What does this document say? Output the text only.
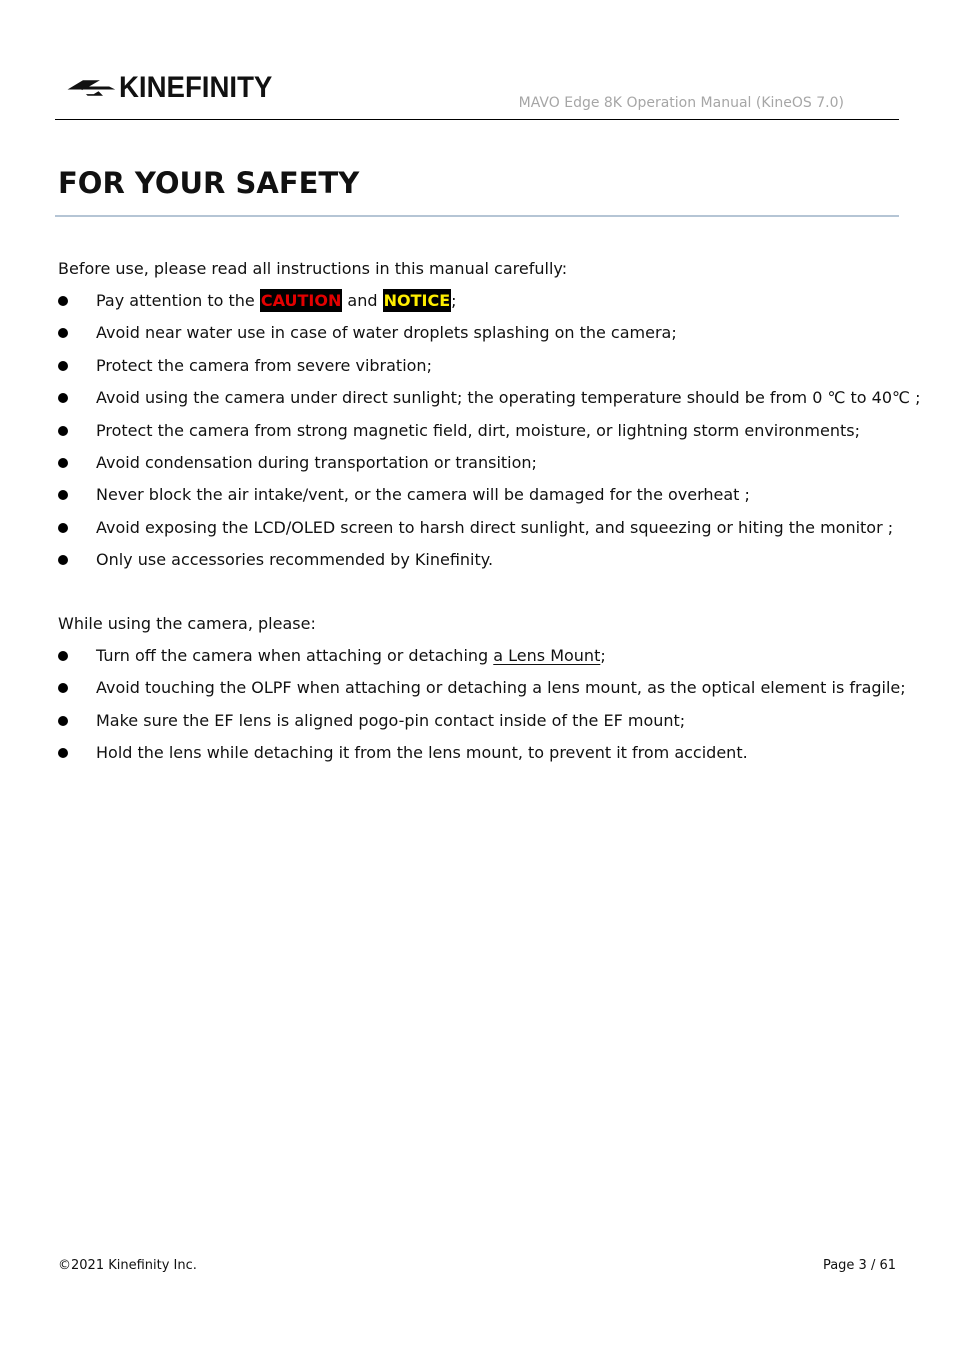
KINEFINITY	MAVO Edge 8K Operation Manual (KineOS 7.0)
FOR YOUR SAFETY

Before use, please read all instructions in this manual carefully:

Pay attention to the CAUTION and NOTICE;
Avoid near water use in case of water droplets splashing on the camera;
Protect the camera from severe vibration;
Avoid using the camera under direct sunlight; the operating temperature should be from 0 ℃ to 40℃ ;
Protect the camera from strong magnetic field, dirt, moisture, or lightning storm environments;
Avoid condensation during transportation or transition;
Never block the air intake/vent, or the camera will be damaged for the overheat ;
Avoid exposing the LCD/OLED screen to harsh direct sunlight, and squeezing or hiting the monitor ;
Only use accessories recommended by Kinefinity.

While using the camera, please:

Turn off the camera when attaching or detaching a Lens Mount;
Avoid touching the OLPF when attaching or detaching a lens mount, as the optical element is fragile;
Make sure the EF lens is aligned pogo-pin contact inside of the EF mount;
Hold the lens while detaching it from the lens mount, to prevent it from accident.
©2021 Kinefinity Inc.	Page 3 / 61
